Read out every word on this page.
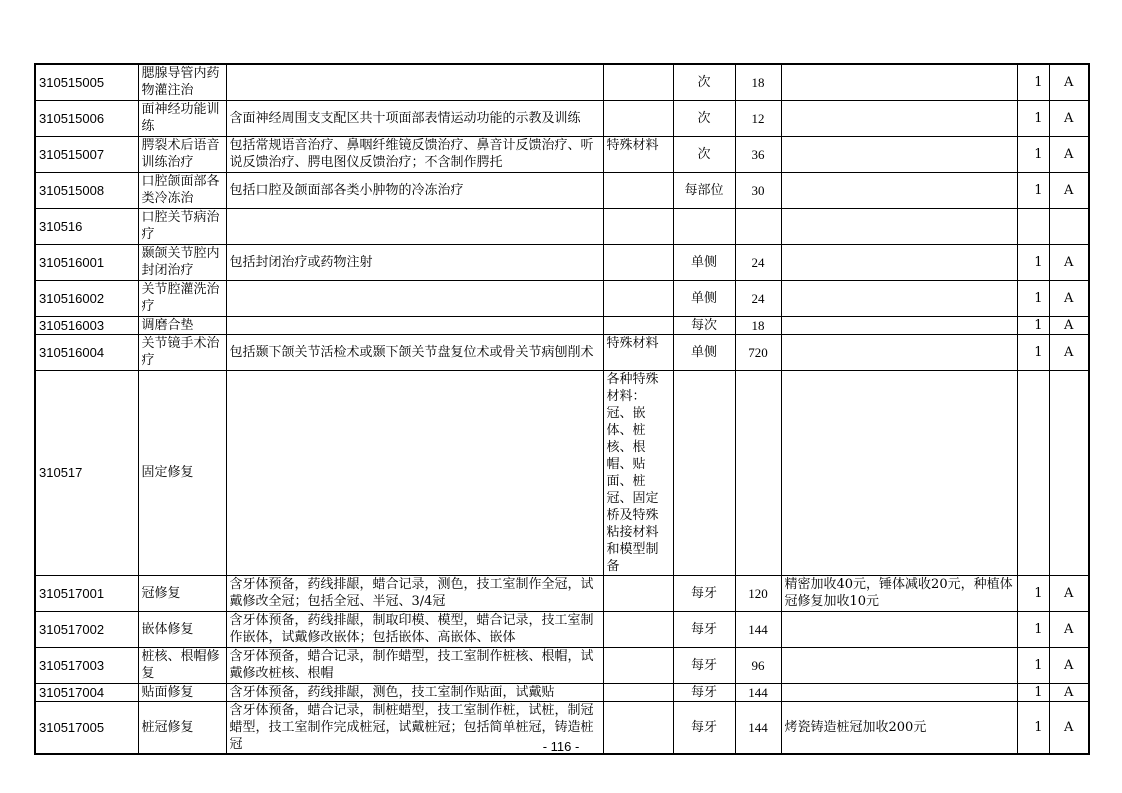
310515005	腮腺导管内药物灌注治			次	18		1	A
310515006	面神经功能训练	含面神经周围支支配区共十项面部表情运动功能的示教及训练		次	12		1	A
310515007	腭裂术后语音训练治疗	包括常规语音治疗、鼻咽纤维镜反馈治疗、鼻音计反馈治疗、听说反馈治疗、腭电图仪反馈治疗；不含制作腭托	特殊材料	次	36		1	A
310515008	口腔颌面部各类冷冻治	包括口腔及颌面部各类小肿物的冷冻治疗		每部位	30		1	A
310516	口腔关节病治疗							
310516001	颞颌关节腔内封闭治疗	包括封闭治疗或药物注射		单侧	24		1	A
310516002	关节腔灌洗治疗			单侧	24		1	A
310516003	调磨合垫			每次	18		1	A
310516004	关节镜手术治疗	包括颞下颌关节活检术或颞下颌关节盘复位术或骨关节病刨削术	特殊材料	单侧	720		1	A
310517	固定修复		各种特殊材料：冠、嵌体、桩核、根帽、贴面、桩冠、固定桥及特殊粘接材料和模型制备					
310517001	冠修复	含牙体预备，药线排龈，蜡合记录，测色，技工室制作全冠，试戴修改全冠；包括全冠、半冠、3/4冠		每牙	120	精密加收40元，锤体减收20元，种植体冠修复加收10元	1	A
310517002	嵌体修复	含牙体预备，药线排龈，制取印模、模型，蜡合记录，技工室制作嵌体，试戴修改嵌体；包括嵌体、高嵌体、嵌体		每牙	144		1	A
310517003	桩核、根帽修复	含牙体预备，蜡合记录，制作蜡型，技工室制作桩核、根帽，试戴修改桩核、根帽		每牙	96		1	A
310517004	贴面修复	含牙体预备，药线排龈，测色，技工室制作贴面，试戴贴		每牙	144		1	A
310517005	桩冠修复	含牙体预备，蜡合记录，制桩蜡型，技工室制作桩，试桩，制冠蜡型，技工室制作完成桩冠，试戴桩冠；包括简单桩冠，铸造桩冠		每牙	144	烤瓷铸造桩冠加收200元	1	A
- 116 -
